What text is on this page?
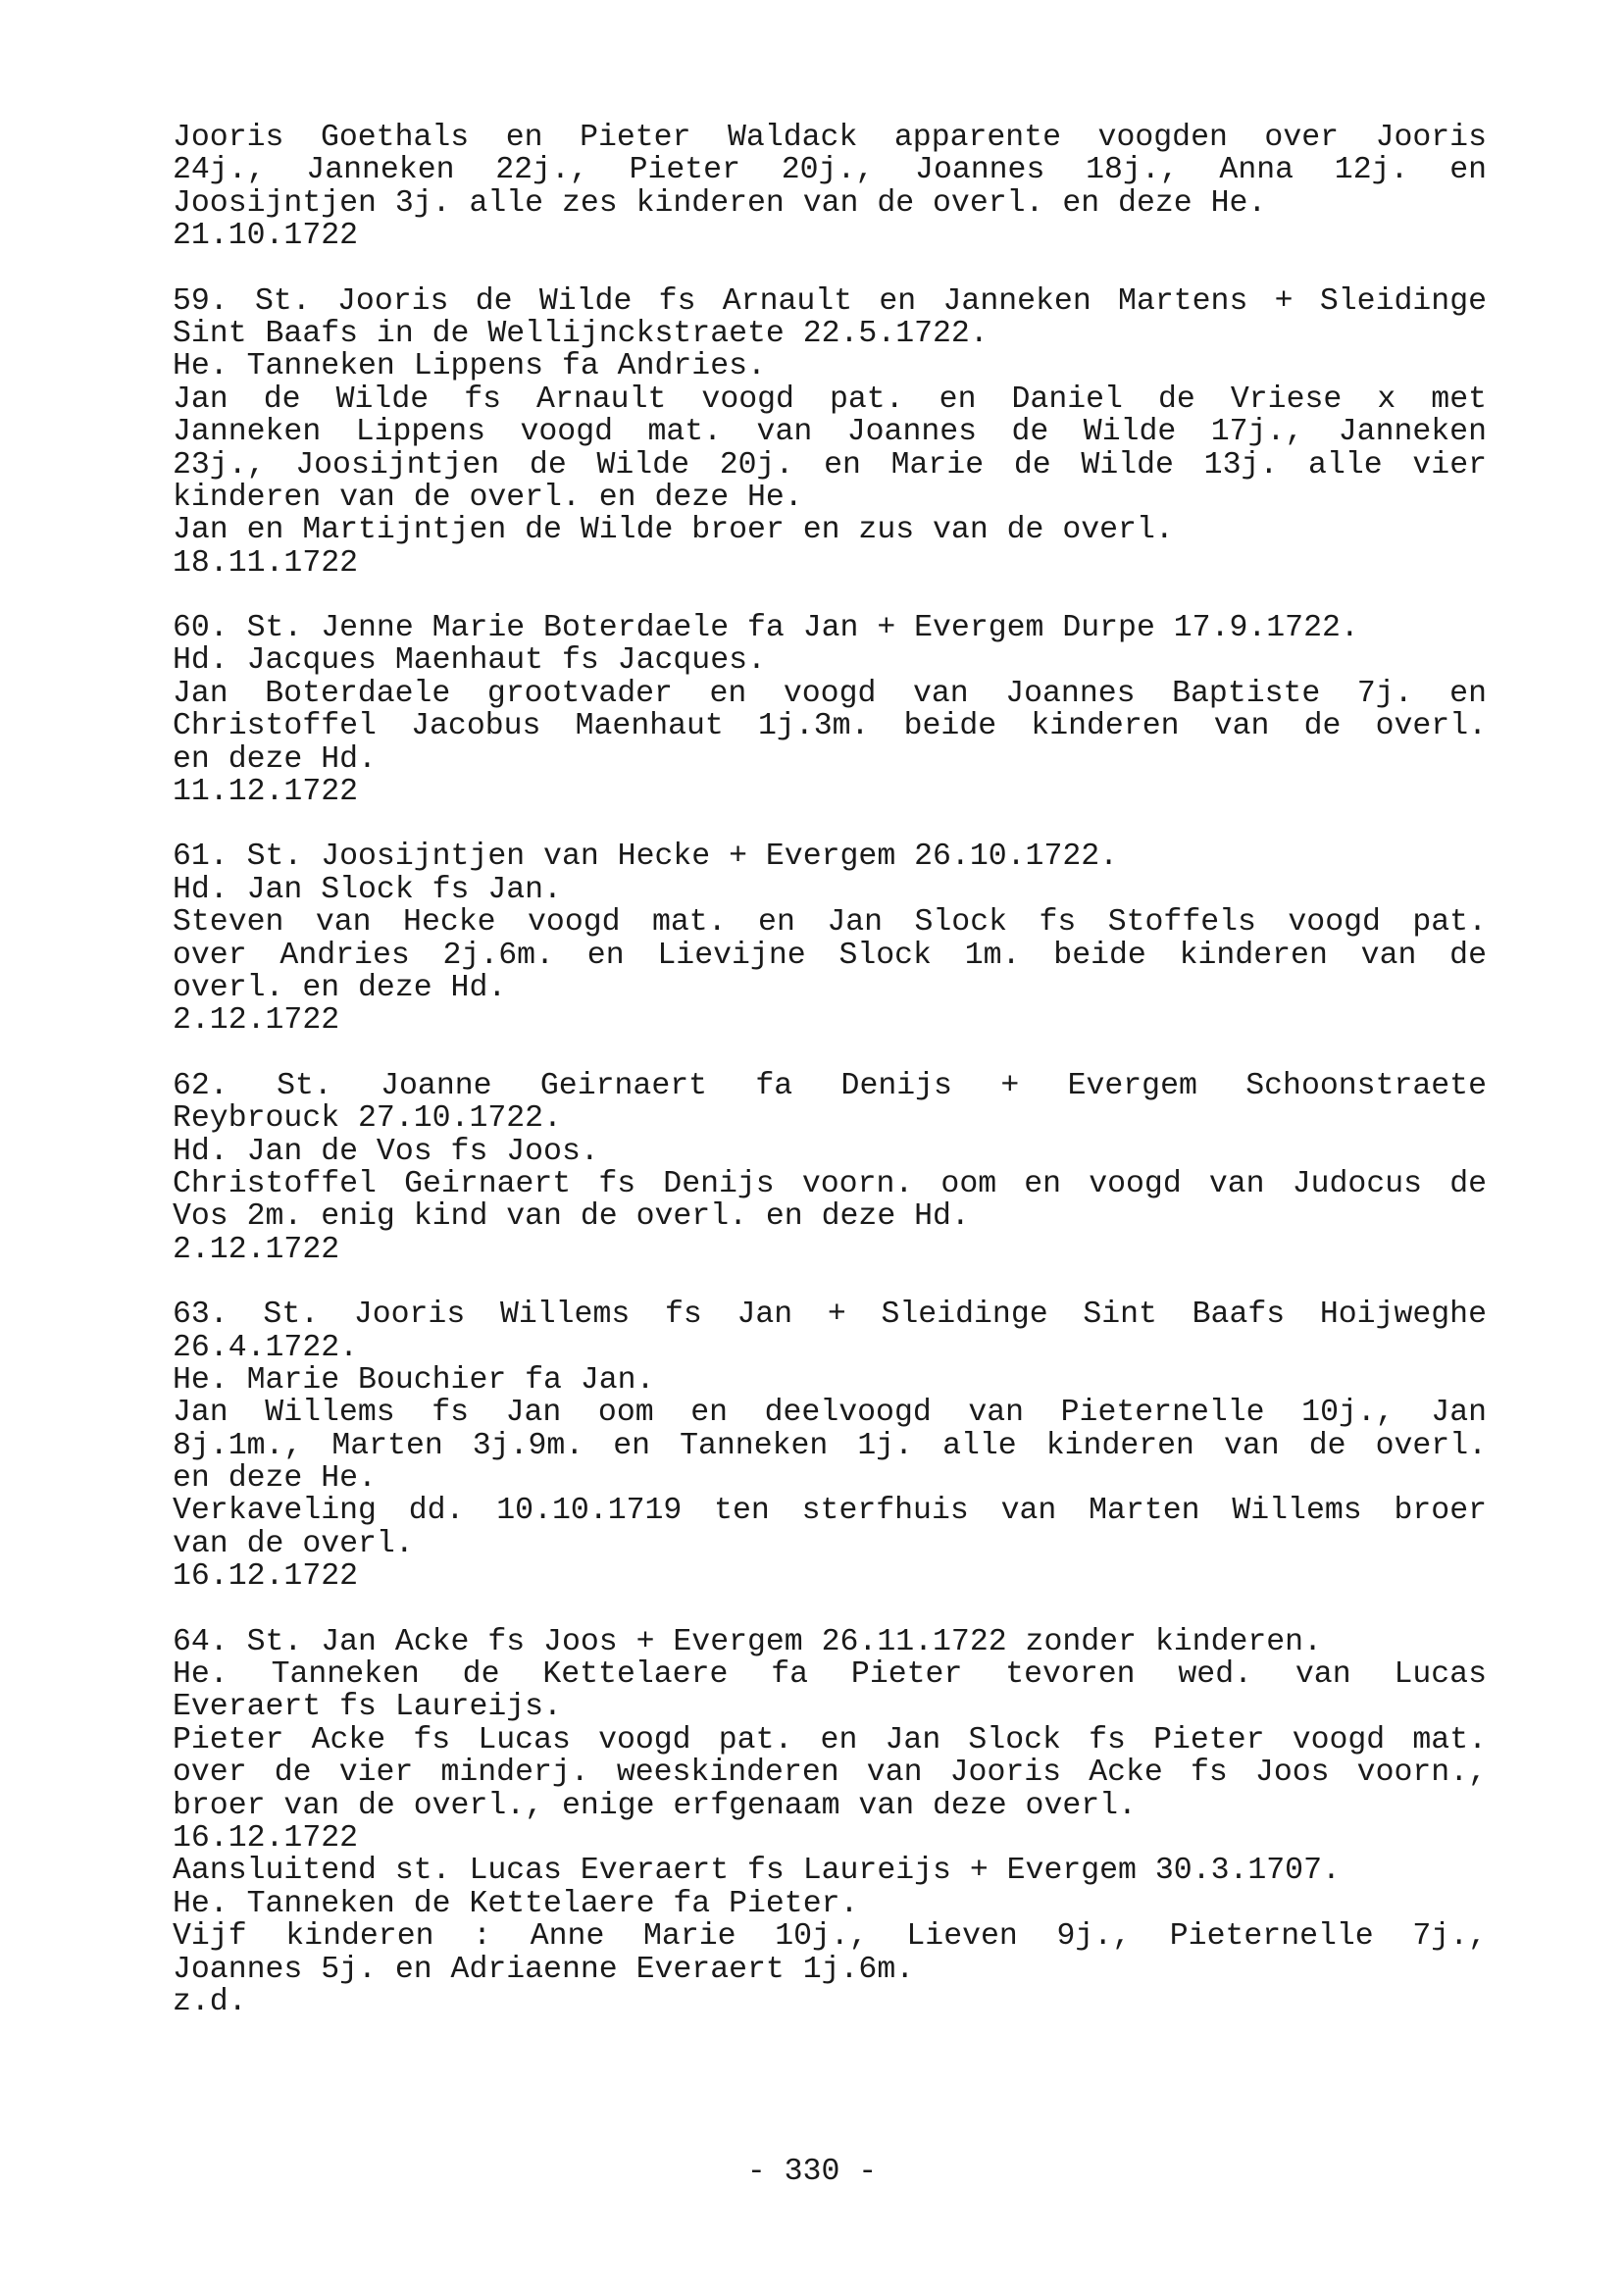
Jooris Goethals en Pieter Waldack apparente voogden over Jooris
24j., Janneken 22j., Pieter 20j., Joannes 18j., Anna 12j. en
Joosijntjen 3j. alle zes kinderen van de overl. en deze He.
21.10.1722
59. St. Jooris de Wilde fs Arnault en Janneken Martens + Sleidinge
Sint Baafs in de Wellijnckstraete 22.5.1722.
He. Tanneken Lippens fa Andries.
Jan de Wilde fs Arnault voogd pat. en Daniel de Vriese x met
Janneken Lippens voogd mat. van Joannes de Wilde 17j., Janneken
23j., Joosijntjen de Wilde 20j. en Marie de Wilde 13j. alle vier
kinderen van de overl. en deze He.
Jan en Martijntjen de Wilde broer en zus van de overl.
18.11.1722
60. St. Jenne Marie Boterdaele fa Jan + Evergem Durpe 17.9.1722.
Hd. Jacques Maenhaut fs Jacques.
Jan Boterdaele grootvader en voogd van Joannes Baptiste 7j. en
Christoffel Jacobus Maenhaut 1j.3m. beide kinderen van de overl.
en deze Hd.
11.12.1722
61. St. Joosijntjen van Hecke + Evergem 26.10.1722.
Hd. Jan Slock fs Jan.
Steven van Hecke voogd mat. en Jan Slock fs Stoffels voogd pat.
over Andries 2j.6m. en Lievijne Slock 1m. beide kinderen van de
overl. en deze Hd.
2.12.1722
62. St. Joanne Geirnaert fa Denijs + Evergem Schoonstraete
Reybrouck 27.10.1722.
Hd. Jan de Vos fs Joos.
Christoffel Geirnaert fs Denijs voorn. oom en voogd van Judocus de
Vos 2m. enig kind van de overl. en deze Hd.
2.12.1722
63. St. Jooris Willems fs Jan + Sleidinge Sint Baafs Hoijweghe
26.4.1722.
He. Marie Bouchier fa Jan.
Jan Willems fs Jan oom en deelvoogd van Pieternelle 10j., Jan
8j.1m., Marten 3j.9m. en Tanneken 1j. alle kinderen van de overl.
en deze He.
Verkaveling dd. 10.10.1719 ten sterfhuis van Marten Willems broer
van de overl.
16.12.1722
64. St. Jan Acke fs Joos + Evergem 26.11.1722 zonder kinderen.
He. Tanneken de Kettelaere fa Pieter tevoren wed. van Lucas
Everaert fs Laureijs.
Pieter Acke fs Lucas voogd pat. en Jan Slock fs Pieter voogd mat.
over de vier minderj. weeskinderen van Jooris Acke fs Joos voorn.,
broer van de overl., enige erfgenaam van deze overl.
16.12.1722
Aansluitend st. Lucas Everaert fs Laureijs + Evergem 30.3.1707.
He. Tanneken de Kettelaere fa Pieter.
Vijf kinderen : Anne Marie 10j., Lieven 9j., Pieternelle 7j.,
Joannes 5j. en Adriaenne Everaert 1j.6m.
z.d.
- 330 -
